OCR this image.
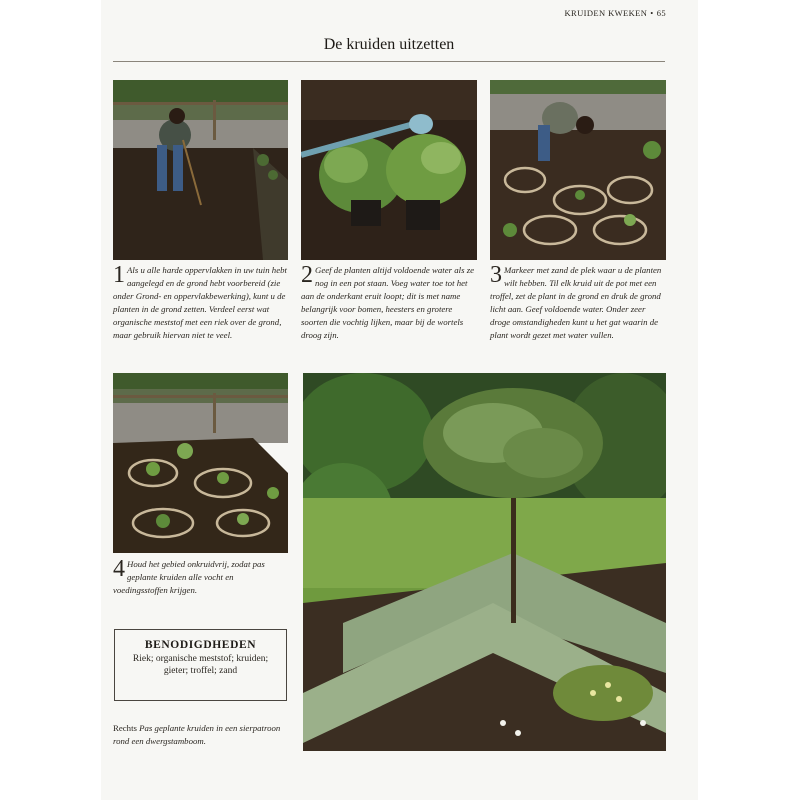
KRUIDEN KWEKEN • 65
De kruiden uitzetten
1 Als u alle harde oppervlakken in uw tuin hebt aangelegd en de grond hebt voorbereid (zie onder Grond- en oppervlakbewerking), kunt u de planten in de grond zetten. Verdeel eerst wat organische meststof met een riek over de grond, maar gebruik hiervan niet te veel.
2 Geef de planten altijd voldoende water als ze nog in een pot staan. Voeg water toe tot het aan de onderkant eruit loopt; dit is met name belangrijk voor bomen, heesters en grotere soorten die vochtig lijken, maar bij de wortels droog zijn.
3 Markeer met zand de plek waar u de planten wilt hebben. Til elk kruid uit de pot met een troffel, zet de plant in de grond en druk de grond licht aan. Geef voldoende water. Onder zeer droge omstandigheden kunt u het gat waarin de plant wordt gezet met water vullen.
4 Houd het gebied onkruidvrij, zodat pas geplante kruiden alle vocht en voedingsstoffen krijgen.
BENODIGDHEDEN
Riek; organische meststof; kruiden; gieter; troffel; zand
Rechts Pas geplante kruiden in een sierpatroon rond een dwergstamboom.
